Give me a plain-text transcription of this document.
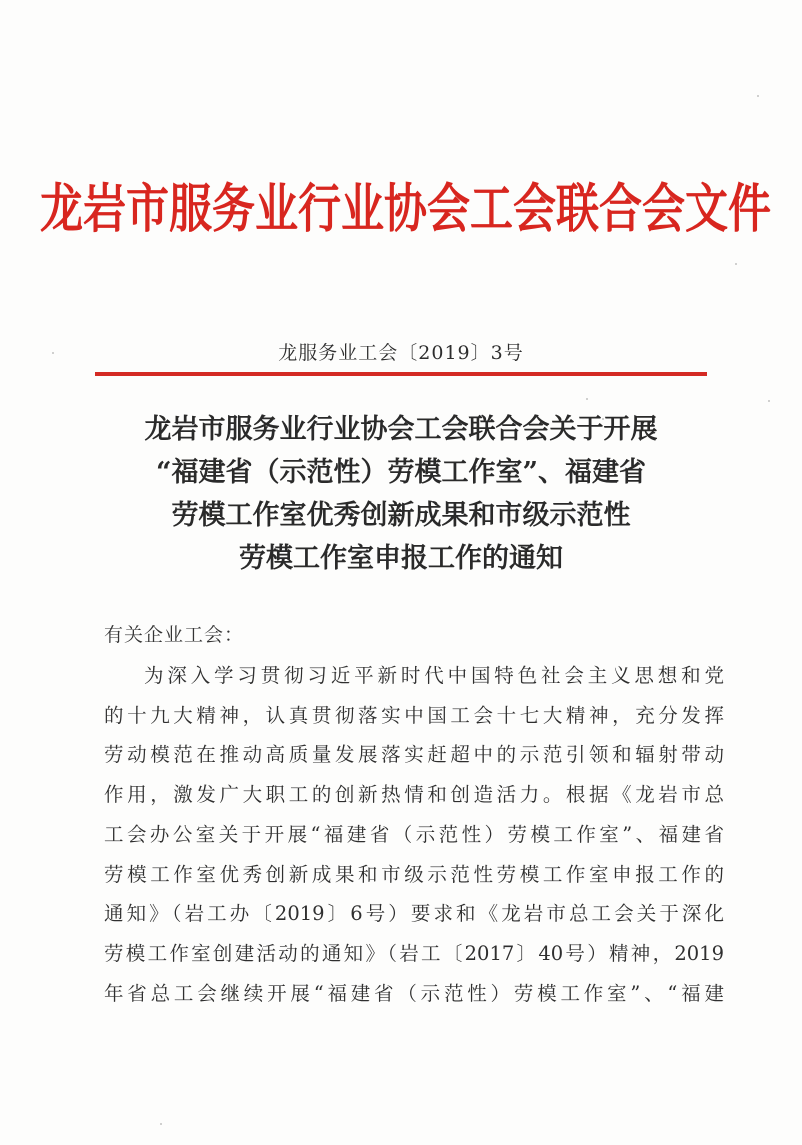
龙岩市服务业行业协会工会联合会文件
龙服务业工会〔2019〕3号
龙岩市服务业行业协会工会联合会关于开展
“福建省（示范性）劳模工作室”、福建省
劳模工作室优秀创新成果和市级示范性
劳模工作室申报工作的通知
有关企业工会：
为深入学习贯彻习近平新时代中国特色社会主义思想和党
的十九大精神，认真贯彻落实中国工会十七大精神，充分发挥
劳动模范在推动高质量发展落实赶超中的示范引领和辐射带动
作用，激发广大职工的创新热情和创造活力。根据《龙岩市总
工会办公室关于开展“福建省（示范性）劳模工作室”、福建省
劳模工作室优秀创新成果和市级示范性劳模工作室申报工作的
通知》（岩工办〔2019〕6号）要求和《龙岩市总工会关于深化
劳模工作室创建活动的通知》（岩工〔2017〕40号）精神，2019
年省总工会继续开展“福建省（示范性）劳模工作室”、“福建
